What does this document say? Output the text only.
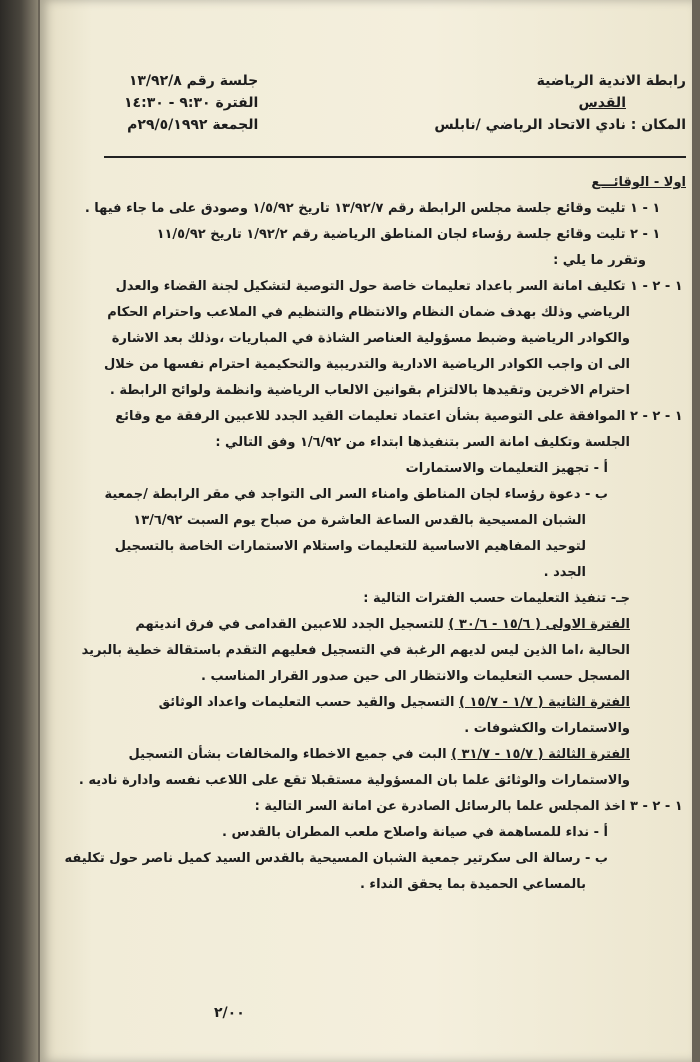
رابطة الاندية الرياضية
القدس
المكان : نادي الاتحاد الرياضي /نابلس
جلسة رقم ١٣/٩٢/٨
الفترة ٩:٣٠ - ١٤:٣٠
الجمعة ٢٩/٥/١٩٩٢م
اولا - الوقائـــع
١ - ١ تليت وقائع جلسة مجلس الرابطة رقم ١٣/٩٢/٧ تاريخ ١/٥/٩٢ وصودق على ما جاء فيها .
١ - ٢ تليت وقائع جلسة رؤساء لجان المناطق الرياضية رقم ١/٩٢/٢ تاريخ ١١/٥/٩٢
وتقرر ما يلي :
١ - ٢ - ١ تكليف امانة السر باعداد تعليمات خاصة حول التوصية لتشكيل لجنة القضاء والعدل
الرياضي وذلك بهدف ضمان النظام والانتظام والتنظيم في الملاعب واحترام الحكام
والكوادر الرياضية وضبط مسؤولية العناصر الشاذة في المباريات ،وذلك بعد الاشارة
الى ان واجب الكوادر الرياضية الادارية والتدريبية والتحكيمية احترام نفسها من خلال
احترام الاخرين وتقيدها بالالتزام بقوانين الالعاب الرياضية وانظمة ولوائح الرابطة .
١ - ٢ - ٢ الموافقة على التوصية بشأن اعتماد تعليمات القيد الجدد للاعبين الرفقة مع وقائع
الجلسة وتكليف امانة السر بتنفيذها ابتداء من ١/٦/٩٢ وفق التالي :
أ - تجهيز التعليمات والاستمارات
ب - دعوة رؤساء لجان المناطق وامناء السر الى التواجد في مقر الرابطة /جمعية
الشبان المسيحية بالقدس الساعة العاشرة من صباح يوم السبت ١٣/٦/٩٢
لتوحيد المفاهيم الاساسية للتعليمات واستلام الاستمارات الخاصة بالتسجيل
الجدد .
جـ- تنفيذ التعليمات حسب الفترات التالية :
الفترة الاولى ( ١٥/٦ - ٣٠/٦ ) للتسجيل الجدد للاعبين القدامى في فرق انديتهم
الحالية ،اما الذين ليس لديهم الرغبة في التسجيل فعليهم التقدم باستقالة خطية بالبريد
المسجل حسب التعليمات والانتظار الى حين صدور القرار المناسب .
الفترة الثانية ( ١/٧ - ١٥/٧ ) التسجيل والقيد حسب التعليمات واعداد الوثائق
والاستمارات والكشوفات .
الفترة الثالثة ( ١٥/٧ - ٣١/٧ ) البت في جميع الاخطاء والمخالفات بشأن التسجيل
والاستمارات والوثائق علما بان المسؤولية مستقبلا تقع على اللاعب نفسه وادارة ناديه .
١ - ٢ - ٣ اخذ المجلس علما بالرسائل الصادرة عن امانة السر التالية :
أ - نداء للمساهمة في صيانة واصلاح ملعب المطران بالقدس .
ب - رسالة الى سكرتير جمعية الشبان المسيحية بالقدس السيد كميل ناصر حول تكليفه
بالمساعي الحميدة بما يحقق النداء .
٢/٠٠
